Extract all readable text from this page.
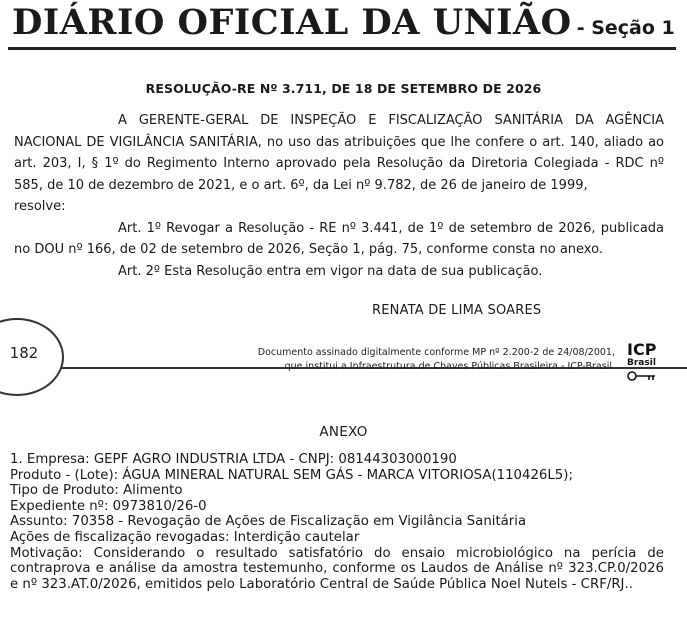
DIÁRIO OFICIAL DA UNIÃO - Seção 1
RESOLUÇÃO-RE Nº 3.711, DE 18 DE SETEMBRO DE 2026

A GERENTE-GERAL DE INSPEÇÃO E FISCALIZAÇÃO SANITÁRIA DA AGÊNCIA NACIONAL DE VIGILÂNCIA SANITÁRIA, no uso das atribuições que lhe confere o art. 140, aliado ao art. 203, I, § 1º do Regimento Interno aprovado pela Resolução da Diretoria Colegiada - RDC nº 585, de 10 de dezembro de 2021, e o art. 6º, da Lei nº 9.782, de 26 de janeiro de 1999,

resolve:

Art. 1º Revogar a Resolução - RE nº 3.441, de 1º de setembro de 2026, publicada no DOU nº 166, de 02 de setembro de 2026, Seção 1, pág. 75, conforme consta no anexo.

Art. 2º Esta Resolução entra em vigor na data de sua publicação.

RENATA DE LIMA SOARES
182	Documento assinado digitalmente conforme MP nº 2.200-2 de 24/08/2001,
que institui a Infraestrutura de Chaves Públicas Brasileira - ICP-Brasil.
ICP
Brasil
ANEXO
1. Empresa: GEPF AGRO INDUSTRIA LTDA - CNPJ: 08144303000190
Produto - (Lote): ÁGUA MINERAL NATURAL SEM GÁS - MARCA VITORIOSA(110426L5);
Tipo de Produto: Alimento
Expediente nº: 0973810/26-0
Assunto: 70358 - Revogação de Ações de Fiscalização em Vigilância Sanitária
Ações de fiscalização revogadas: Interdição cautelar
Motivação: Considerando o resultado satisfatório do ensaio microbiológico na perícia de contraprova e análise da amostra testemunho, conforme os Laudos de Análise nº 323.CP.0/2026 e nº 323.AT.0/2026, emitidos pelo Laboratório Central de Saúde Pública Noel Nutels - CRF/RJ..
